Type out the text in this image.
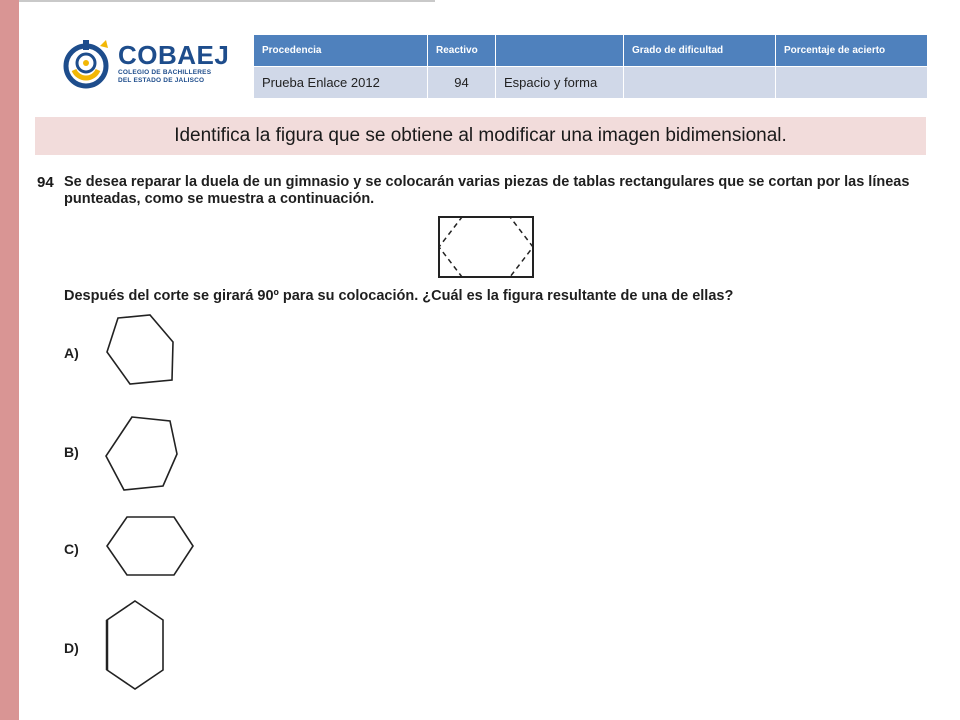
COBAEJ
COLEGIO DE BACHILLERES
DEL ESTADO DE JALISCO
Procedencia	Reactivo		Grado de dificultad	Porcentaje de acierto
Prueba Enlace 2012	94	Espacio y forma		
Identifica la figura que se obtiene al modificar una imagen bidimensional.
94 Se desea reparar la duela de un gimnasio y se colocarán varias piezas de tablas rectangulares que se cortan por las líneas punteadas, como se muestra a continuación.
Después del corte se girará 90º para su colocación. ¿Cuál es la figura resultante de una de ellas?
A)
B)
C)
D)
